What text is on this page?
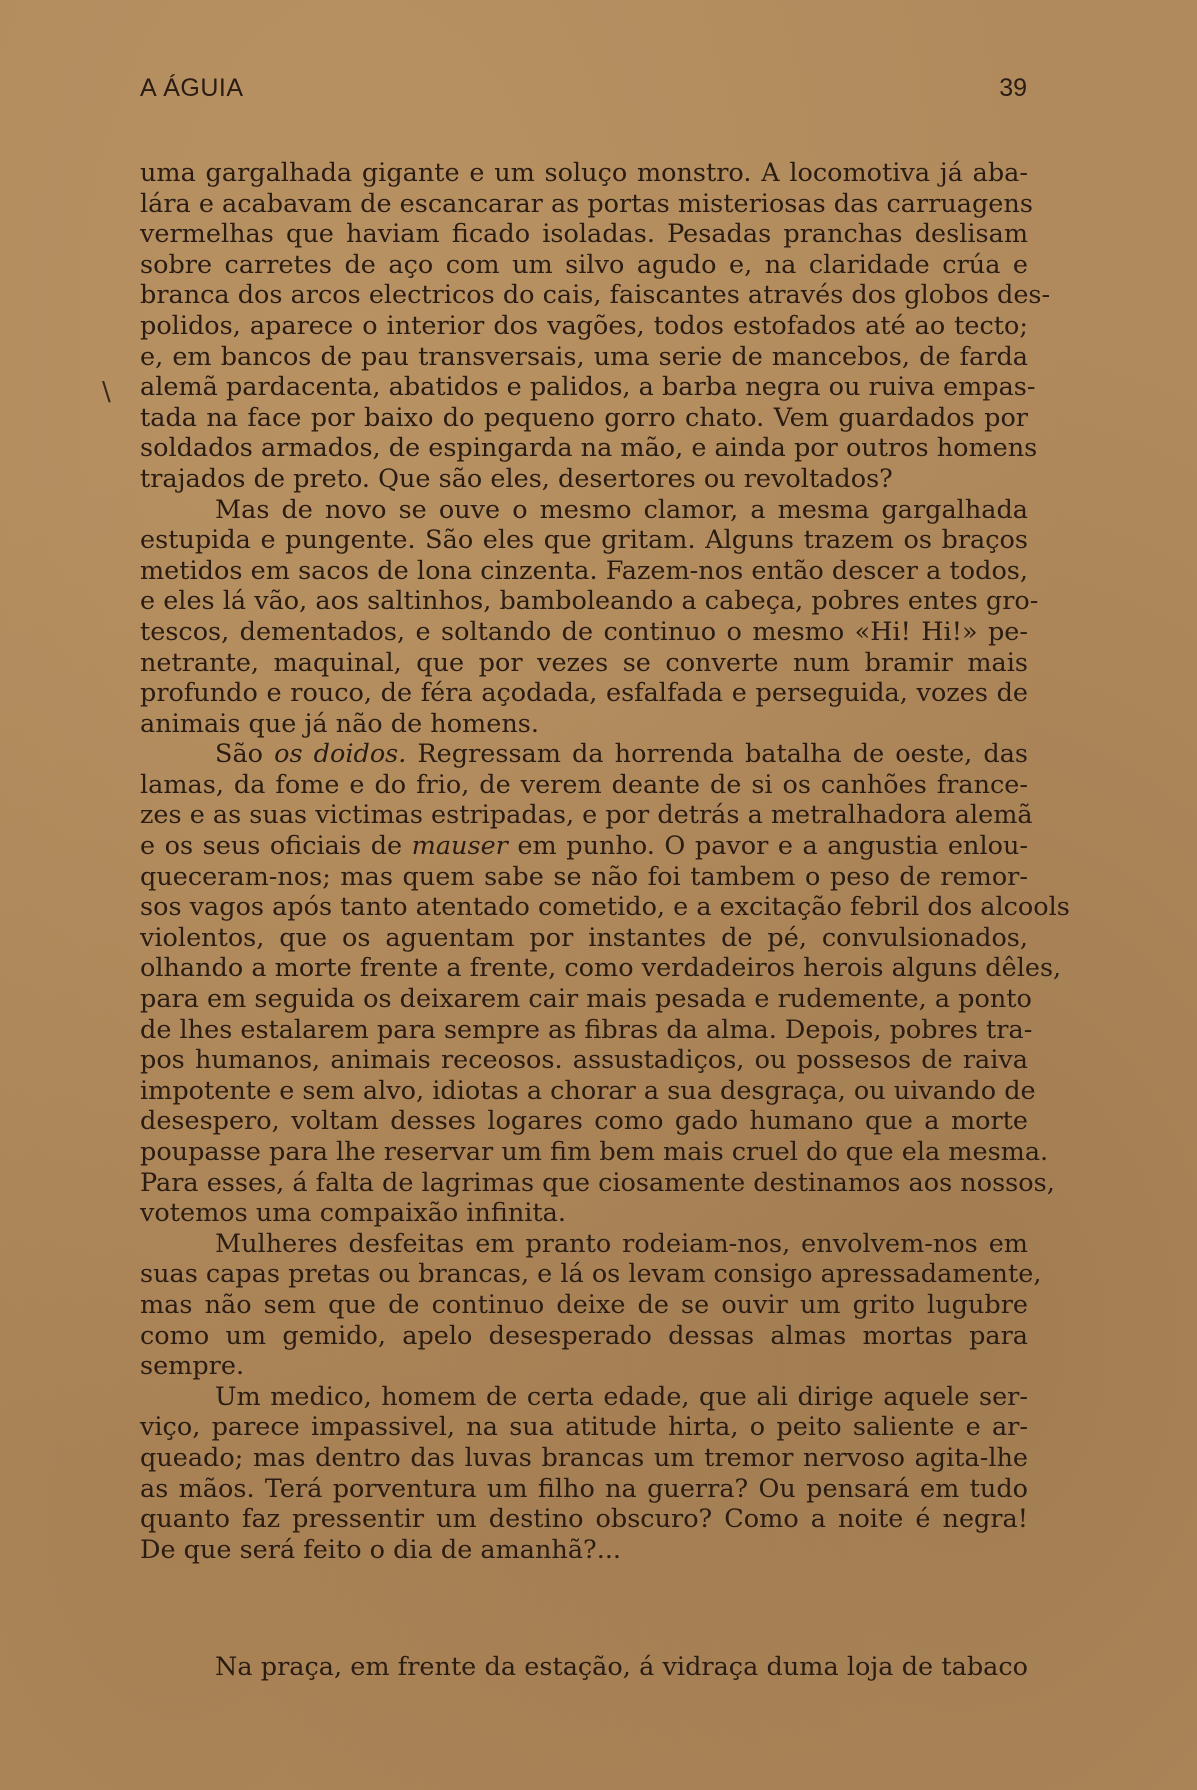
A ÁGUIA	39
\
uma gargalhada gigante e um soluço monstro. A locomotiva já aba-
lára e acabavam de escancarar as portas misteriosas das carruagens
vermelhas que haviam ficado isoladas. Pesadas pranchas deslisam
sobre carretes de aço com um silvo agudo e, na claridade crúa e
branca dos arcos electricos do cais, faiscantes através dos globos des-
polidos, aparece o interior dos vagões, todos estofados até ao tecto;
e, em bancos de pau transversais, uma serie de mancebos, de farda
alemã pardacenta, abatidos e palidos, a barba negra ou ruiva empas-
tada na face por baixo do pequeno gorro chato. Vem guardados por
soldados armados, de espingarda na mão, e ainda por outros homens
trajados de preto. Que são eles, desertores ou revoltados?
Mas de novo se ouve o mesmo clamor, a mesma gargalhada
estupida e pungente. São eles que gritam. Alguns trazem os braços
metidos em sacos de lona cinzenta. Fazem-nos então descer a todos,
e eles lá vão, aos saltinhos, bamboleando a cabeça, pobres entes gro-
tescos, dementados, e soltando de continuo o mesmo «Hi! Hi!» pe-
netrante, maquinal, que por vezes se converte num bramir mais
profundo e rouco, de féra açodada, esfalfada e perseguida, vozes de
animais que já não de homens.
São os doidos. Regressam da horrenda batalha de oeste, das
lamas, da fome e do frio, de verem deante de si os canhões france-
zes e as suas victimas estripadas, e por detrás a metralhadora alemã
e os seus oficiais de mauser em punho. O pavor e a angustia enlou-
queceram-nos; mas quem sabe se não foi tambem o peso de remor-
sos vagos após tanto atentado cometido, e a excitação febril dos alcools
violentos, que os aguentam por instantes de pé, convulsionados,
olhando a morte frente a frente, como verdadeiros herois alguns dêles,
para em seguida os deixarem cair mais pesada e rudemente, a ponto
de lhes estalarem para sempre as fibras da alma. Depois, pobres tra-
pos humanos, animais receosos. assustadiços, ou possesos de raiva
impotente e sem alvo, idiotas a chorar a sua desgraça, ou uivando de
desespero, voltam desses logares como gado humano que a morte
poupasse para lhe reservar um fim bem mais cruel do que ela mesma.
Para esses, á falta de lagrimas que ciosamente destinamos aos nossos,
votemos uma compaixão infinita.
Mulheres desfeitas em pranto rodeiam-nos, envolvem-nos em
suas capas pretas ou brancas, e lá os levam consigo apressadamente,
mas não sem que de continuo deixe de se ouvir um grito lugubre
como um gemido, apelo desesperado dessas almas mortas para
sempre.
Um medico, homem de certa edade, que ali dirige aquele ser-
viço, parece impassivel, na sua atitude hirta, o peito saliente e ar-
queado; mas dentro das luvas brancas um tremor nervoso agita-lhe
as mãos. Terá porventura um filho na guerra? Ou pensará em tudo
quanto faz pressentir um destino obscuro? Como a noite é negra!
De que será feito o dia de amanhã?...
Na praça, em frente da estação, á vidraça duma loja de tabaco
